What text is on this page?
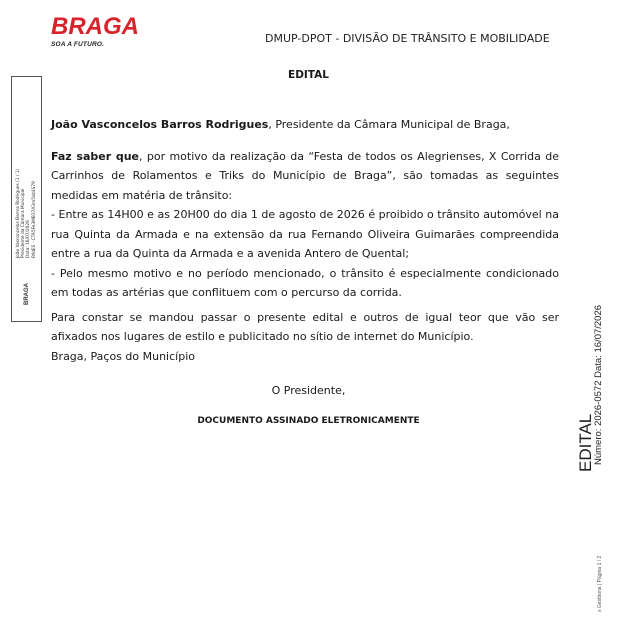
BRAGA
SOA A FUTURO.	DMUP-DPOT - DIVISÃO DE TRÂNSITO E MOBILIDADE
EDITAL

João Vasconcelos Barros Rodrigues, Presidente da Câmara Municipal de Braga,

Faz saber que, por motivo da realização da “Festa de todos os Alegrienses, X Corrida de Carrinhos de Rolamentos e Triks do Município de Braga”, são tomadas as seguintes medidas em matéria de trânsito:

- Entre as 14H00 e as 20H00 do dia 1 de agosto de 2026 é proibido o trânsito automóvel na rua Quinta da Armada e na extensão da rua Fernando Oliveira Guimarães compreendida entre a rua da Quinta da Armada e a avenida Antero de Quental;

- Pelo mesmo motivo e no período mencionado, o trânsito é especialmente condicionado em todas as artérias que conflituem com o percurso da corrida.

Para constar se mandou passar o presente edital e outros de igual teor que vão ser afixados nos lugares de estilo e publicitado no sítio de internet do Município.

Braga, Paços do Município

O Presidente,
DOCUMENTO ASSINADO ELETRONICAMENTE
João Vasconcelos Barros Rodrigues (1 / 1) Presidente da Câmara Municipal Data: 16/07/2026 PAdES - CTA5Fe3MB37A3m5dz4S79
BRAGA
EDITAL
Número: 2026-0572 Data: 16/07/2026
x Gestbona | Página 1 / 2
